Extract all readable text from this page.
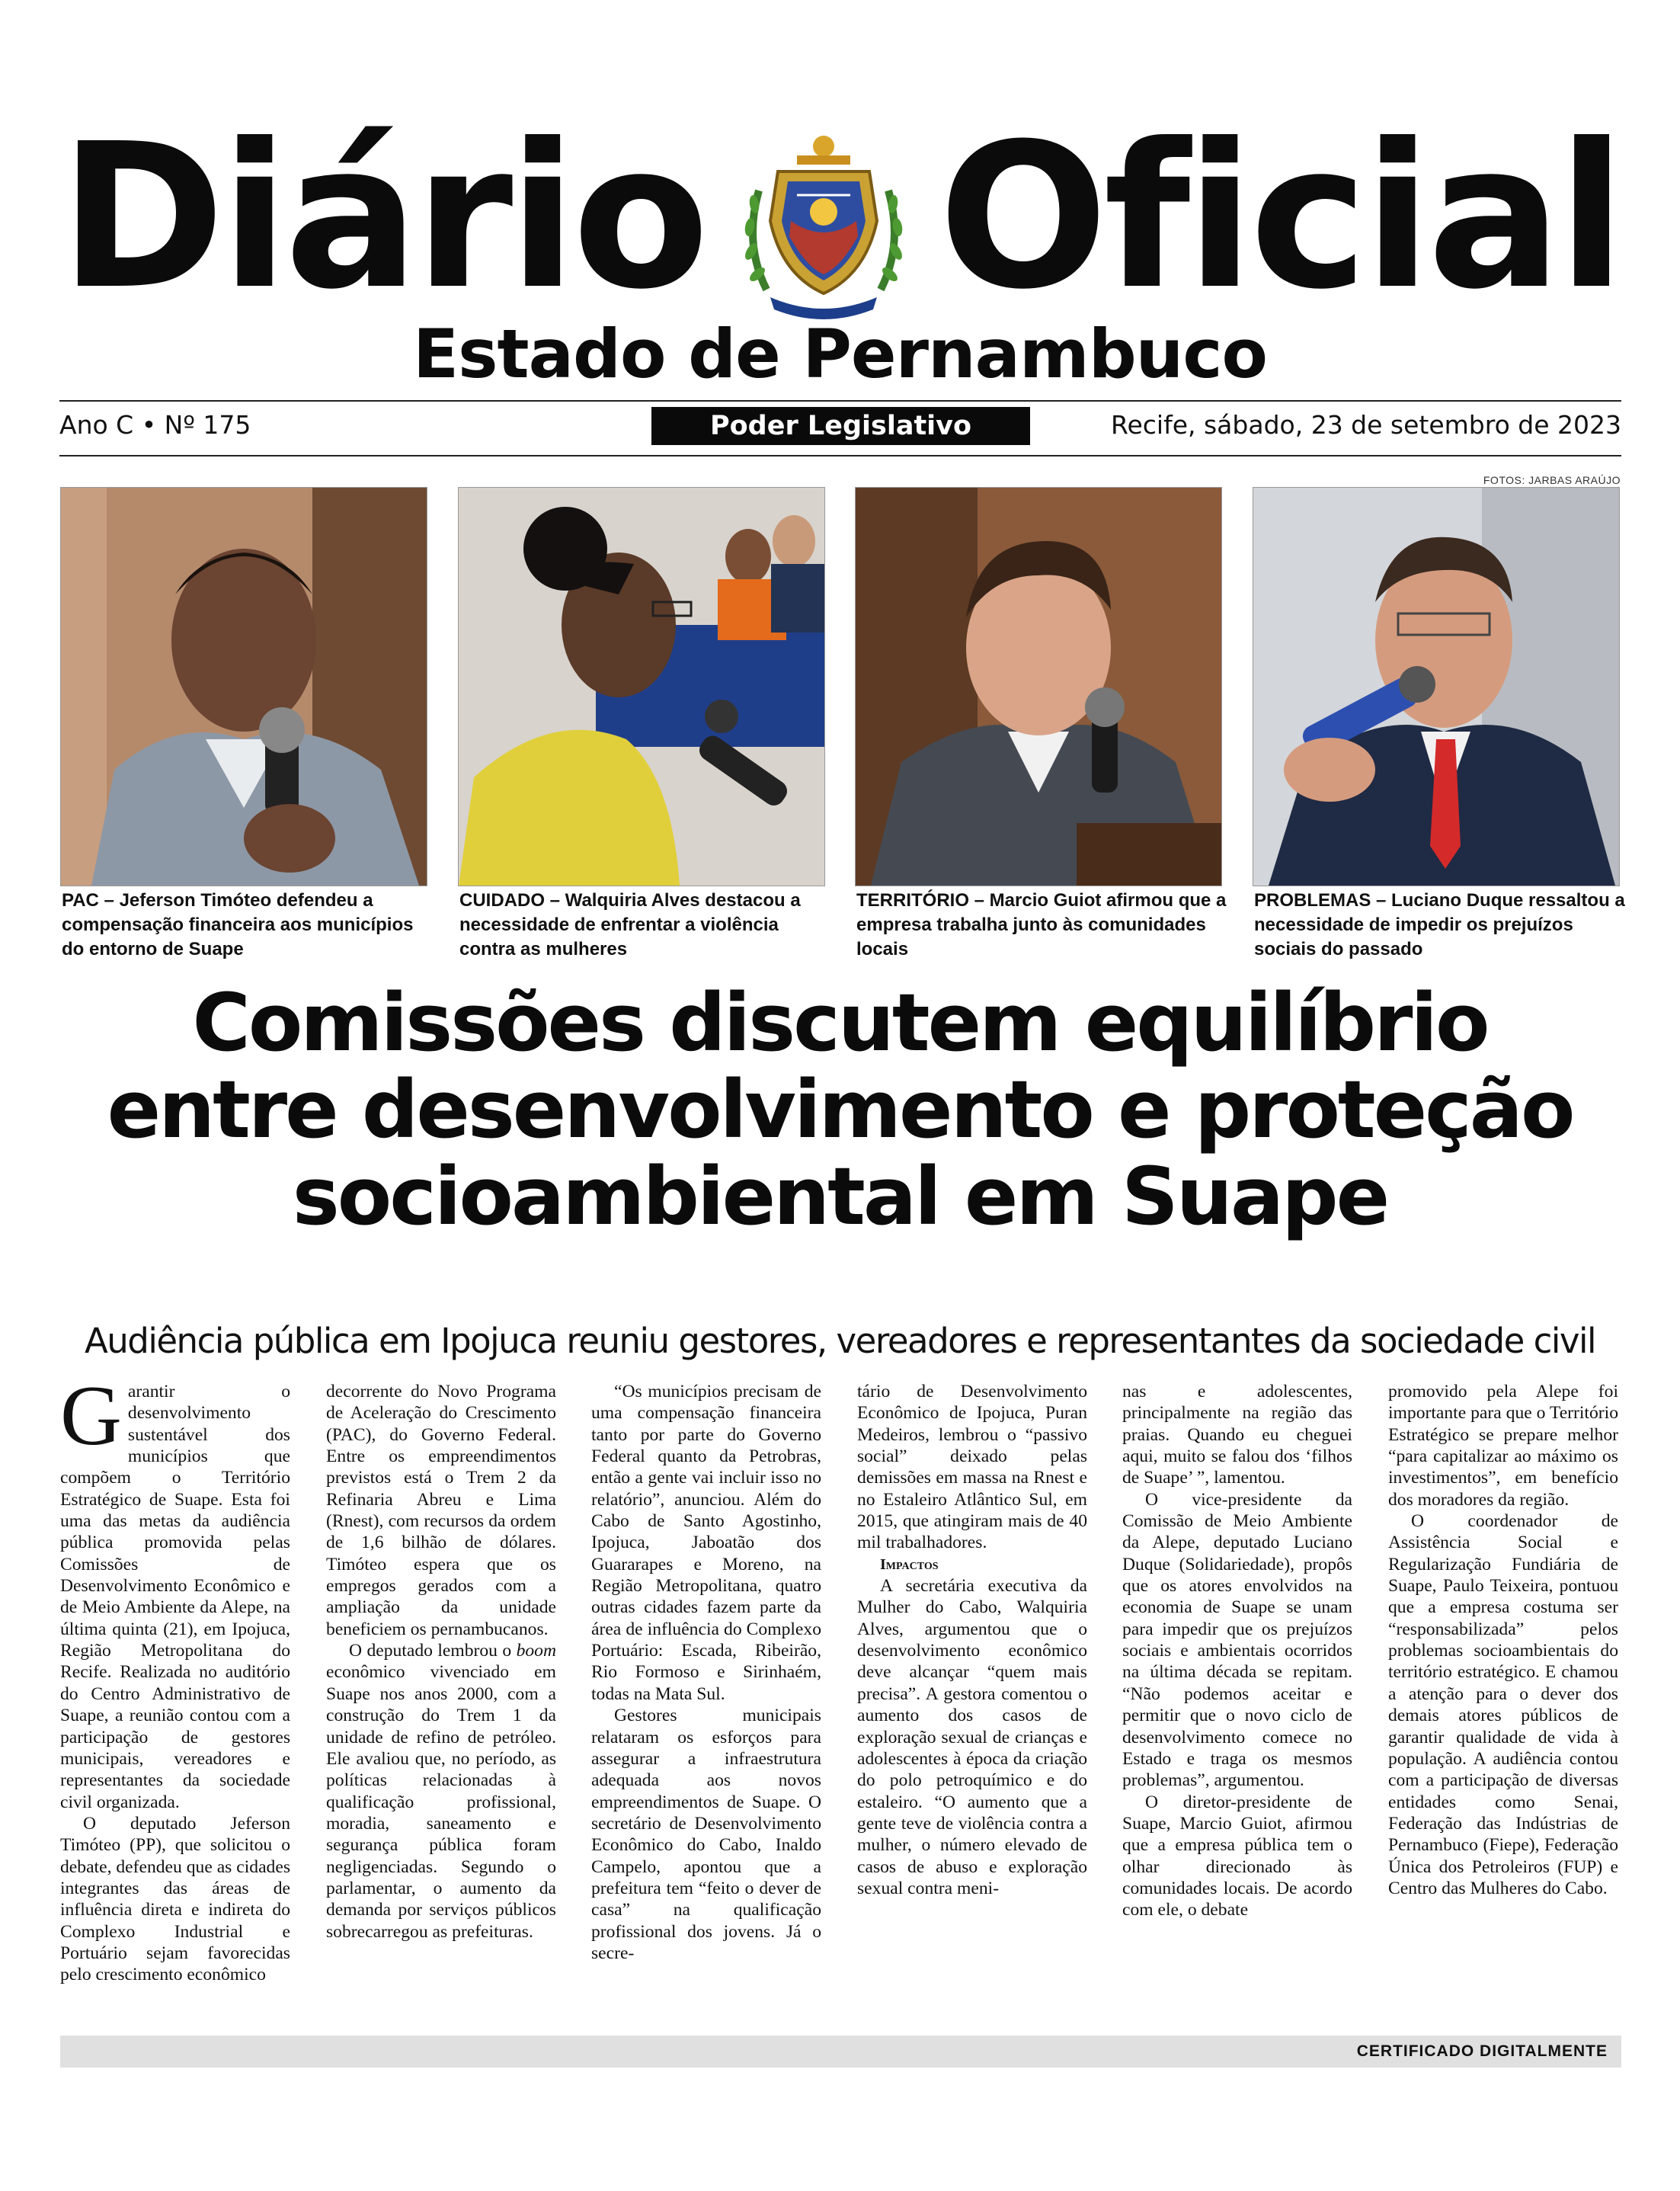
Diário Oficial
Estado de Pernambuco
Ano C • Nº 175	Poder Legislativo	Recife, sábado, 23 de setembro de 2023
FOTOS: JARBAS ARAÚJO
PAC – Jeferson Timóteo defendeu a compensação financeira aos municípios do entorno de Suape
CUIDADO – Walquiria Alves destacou a necessidade de enfrentar a violência contra as mulheres
TERRITÓRIO – Marcio Guiot afirmou que a empresa trabalha junto às comunidades locais
PROBLEMAS – Luciano Duque ressaltou a necessidade de impedir os prejuízos sociais do passado
Comissões discutem equilíbrio
entre desenvolvimento e proteção
socioambiental em Suape
Audiência pública em Ipojuca reuniu gestores, vereadores e representantes da sociedade civil

Garantir o desenvolvimento sustentável dos municípios que compõem o Território Estratégico de Suape. Esta foi uma das metas da audiência pública promovida pelas Comissões de Desenvolvimento Econômico e de Meio Ambiente da Alepe, na última quinta (21), em Ipojuca, Região Metropolitana do Recife. Realizada no auditório do Centro Administrativo de Suape, a reunião contou com a participação de gestores municipais, vereadores e representantes da sociedade civil organizada.

O deputado Jeferson Timóteo (PP), que solicitou o debate, defendeu que as cidades integrantes das áreas de influência direta e indireta do Complexo Industrial e Portuário sejam favorecidas pelo crescimento econômico

decorrente do Novo Programa de Aceleração do Crescimento (PAC), do Governo Federal. Entre os empreendimentos previstos está o Trem 2 da Refinaria Abreu e Lima (Rnest), com recursos da ordem de 1,6 bilhão de dólares. Timóteo espera que os empregos gerados com a ampliação da unidade beneficiem os pernambucanos.

O deputado lembrou o boom econômico vivenciado em Suape nos anos 2000, com a construção do Trem 1 da unidade de refino de petróleo. Ele avaliou que, no período, as políticas relacionadas à qualificação profissional, moradia, saneamento e segurança pública foram negligenciadas. Segundo o parlamentar, o aumento da demanda por serviços públicos sobrecarregou as prefeituras.

“Os municípios precisam de uma compensação financeira tanto por parte do Governo Federal quanto da Petrobras, então a gente vai incluir isso no relatório”, anunciou. Além do Cabo de Santo Agostinho, Ipojuca, Jaboatão dos Guararapes e Moreno, na Região Metropolitana, quatro outras cidades fazem parte da área de influência do Complexo Portuário: Escada, Ribeirão, Rio Formoso e Sirinhaém, todas na Mata Sul.

Gestores municipais relataram os esforços para assegurar a infraestrutura adequada aos novos empreendimentos de Suape. O secretário de Desenvolvimento Econômico do Cabo, Inaldo Campelo, apontou que a prefeitura tem “feito o dever de casa” na qualificação profissional dos jovens. Já o secre-

tário de Desenvolvimento Econômico de Ipojuca, Puran Medeiros, lembrou o “passivo social” deixado pelas demissões em massa na Rnest e no Estaleiro Atlântico Sul, em 2015, que atingiram mais de 40 mil trabalhadores.

Impactos

A secretária executiva da Mulher do Cabo, Walquiria Alves, argumentou que o desenvolvimento econômico deve alcançar “quem mais precisa”. A gestora comentou o aumento dos casos de exploração sexual de crianças e adolescentes à época da criação do polo petroquímico e do estaleiro. “O aumento que a gente teve de violência contra a mulher, o número elevado de casos de abuso e exploração sexual contra meni-

nas e adolescentes, principalmente na região das praias. Quando eu cheguei aqui, muito se falou dos ‘filhos de Suape’ ”, lamentou.

O vice-presidente da Comissão de Meio Ambiente da Alepe, deputado Luciano Duque (Solidariedade), propôs que os atores envolvidos na economia de Suape se unam para impedir que os prejuízos sociais e ambientais ocorridos na última década se repitam. “Não podemos aceitar e permitir que o novo ciclo de desenvolvimento comece no Estado e traga os mesmos problemas”, argumentou.

O diretor-presidente de Suape, Marcio Guiot, afirmou que a empresa pública tem o olhar direcionado às comunidades locais. De acordo com ele, o debate

promovido pela Alepe foi importante para que o Território Estratégico se prepare melhor “para capitalizar ao máximo os investimentos”, em benefício dos moradores da região.

O coordenador de Assistência Social e Regularização Fundiária de Suape, Paulo Teixeira, pontuou que a empresa costuma ser “responsabilizada” pelos problemas socioambientais do território estratégico. E chamou a atenção para o dever dos demais atores públicos de garantir qualidade de vida à população. A audiência contou com a participação de diversas entidades como Senai, Federação das Indústrias de Pernambuco (Fiepe), Federação Única dos Petroleiros (FUP) e Centro das Mulheres do Cabo.

CERTIFICADO DIGITALMENTE
